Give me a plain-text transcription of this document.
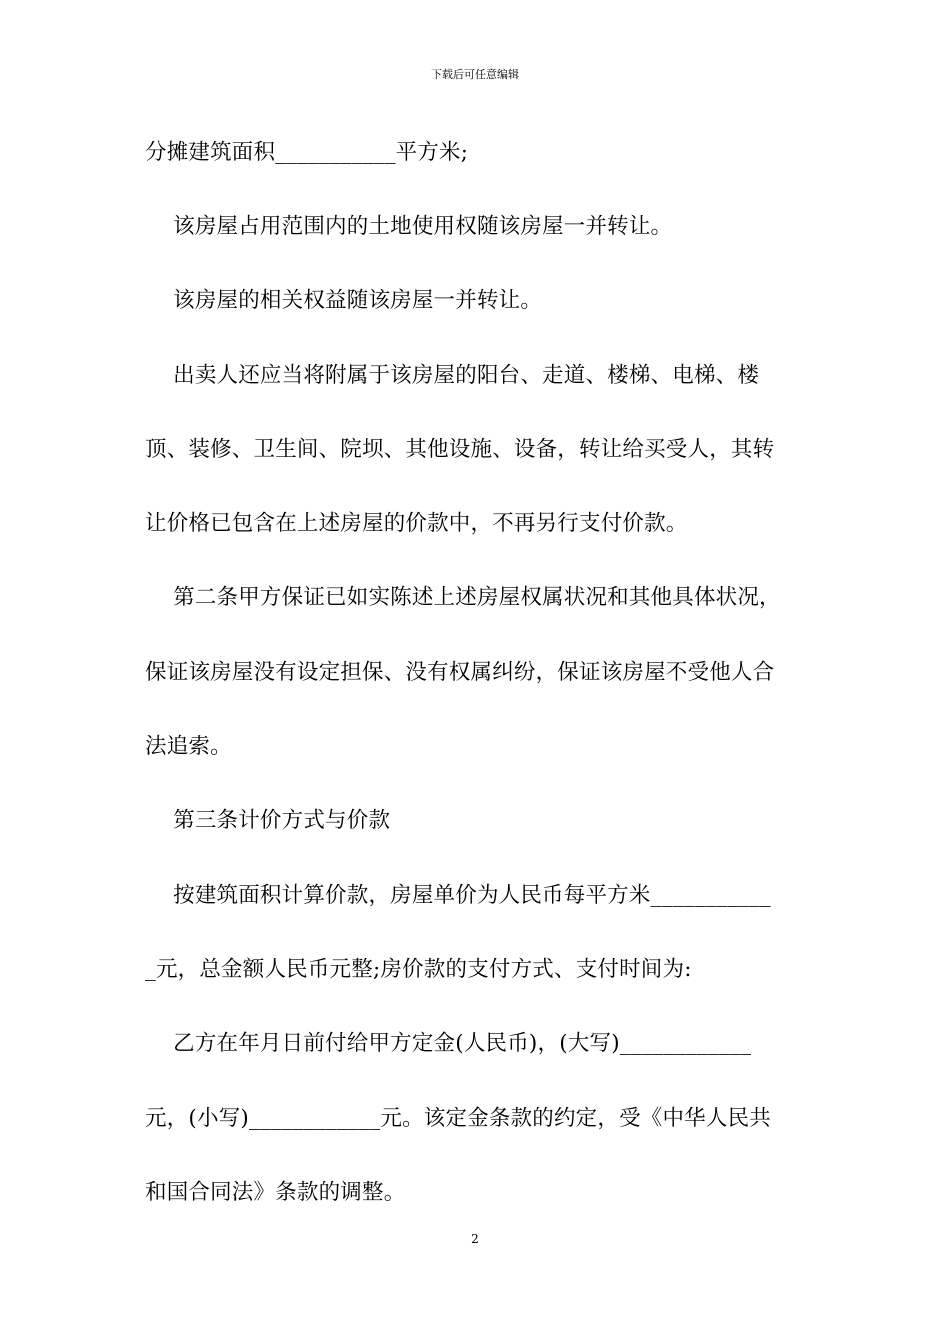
下载后可任意编辑
分摊建筑面积___________平方米;
该房屋占用范围内的土地使用权随该房屋一并转让。
该房屋的相关权益随该房屋一并转让。
出卖人还应当将附属于该房屋的阳台、走道、楼梯、电梯、楼
顶、装修、卫生间、院坝、其他设施、设备，转让给买受人，其转
让价格已包含在上述房屋的价款中，不再另行支付价款。
第二条甲方保证已如实陈述上述房屋权属状况和其他具体状况，
保证该房屋没有设定担保、没有权属纠纷，保证该房屋不受他人合
法追索。
第三条计价方式与价款
按建筑面积计算价款，房屋单价为人民币每平方米___________
_元，总金额人民币元整;房价款的支付方式、支付时间为:
乙方在年月日前付给甲方定金(人民币)，(大写)____________
元，(小写)____________元。该定金条款的约定，受《中华人民共
和国合同法》条款的调整。
2
